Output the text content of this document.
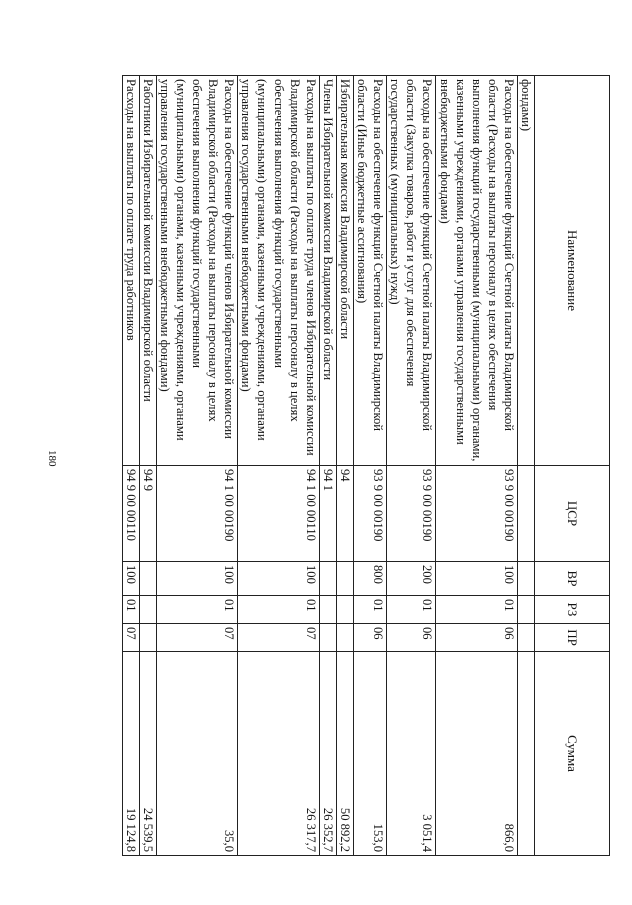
180
Наименование	ЦСР	ВР	РЗ	ПР	Сумма
фондами)					
Расходы на обеспечение функций Счетной палаты Владимирской области (Расходы на выплаты персоналу в целях обеспечения выполнения функций государственными (муниципальными) органами, казенными учреждениями, органами управления государственными внебюджетными фондами)	93 9 00 00190	100	01	06	866,0
Расходы на обеспечение функций Счетной палаты Владимирской области (Закупка товаров, работ и услуг для обеспечения государственных (муниципальных) нужд)	93 9 00 00190	200	01	06	3 051,4
Расходы на обеспечение функций Счетной палаты Владимирской области (Иные бюджетные ассигнования)	93 9 00 00190	800	01	06	153,0
Избирательная комиссия Владимирской области	94				50 892,2
Члены Избирательной комиссии Владимирской области	94 1				26 352,7
Расходы на выплаты по оплате труда членов Избирательной комиссии Владимирской области (Расходы на выплаты персоналу в целях обеспечения выполнения функций государственными (муниципальными) органами, казенными учреждениями, органами управления государственными внебюджетными фондами)	94 1 00 00110	100	01	07	26 317,7
Расходы на обеспечение функций членов Избирательной комиссии Владимирской области (Расходы на выплаты персоналу в целях обеспечения выполнения функций государственными (муниципальными) органами, казенными учреждениями, органами управления государственными внебюджетными фондами)	94 1 00 00190	100	01	07	35,0
Работники Избирательной комиссии Владимирской области	94 9				24 539,5
Расходы на выплаты по оплате труда работников	94 9 00 00110	100	01	07	19 124,8
